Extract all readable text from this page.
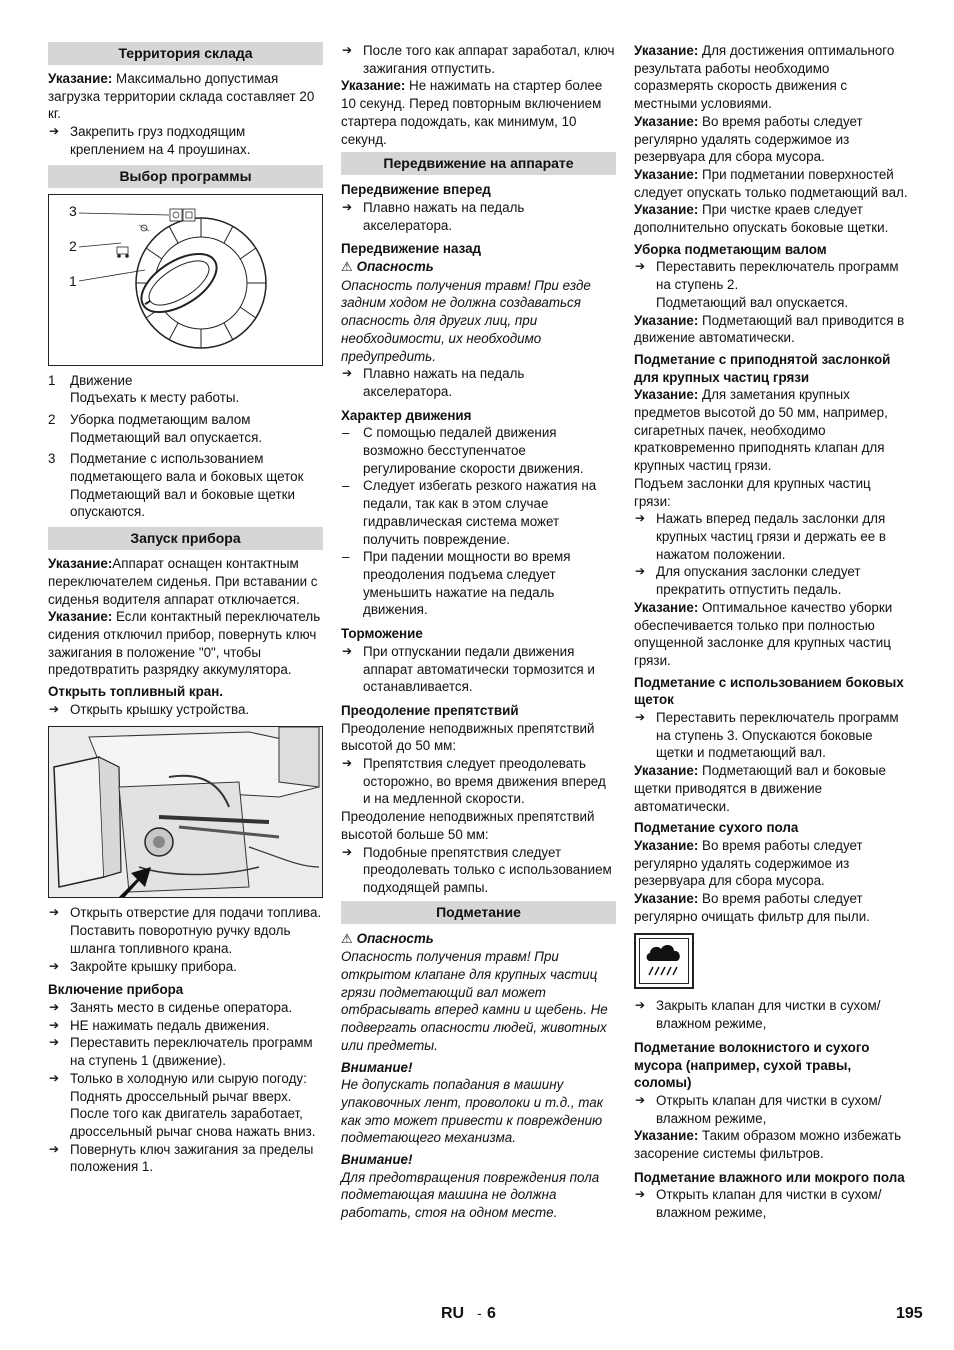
Территория склада
Указание: Максимально допустимая загрузка территории склада составляет 20 кг.
➔ Закрепить груз подходящим креплением на 4 проушинах.
Выбор программы
3
2
1
1 Движение
Подъехать к месту работы.
2 Уборка подметающим валом
Подметающий вал опускается.
3 Подметание с использованием подметающего вала и боковых щеток
Подметающий вал и боковые щетки опускаются.
Запуск прибора
Указание:Аппарат оснащен контактным переключателем сиденья. При вставании с сиденья водителя аппарат отключается.
Указание: Если контактный переключатель сидения отключил прибор, повернуть ключ зажигания в положение "0", чтобы предотвратить разрядку аккумулятора.
Открыть топливный кран.
➔ Открыть крышку устройства.
➔ Открыть отверстие для подачи топлива.
Поставить поворотную ручку вдоль шланга топливного крана.
➔ Закройте крышку прибора.
Включение прибора
➔ Занять место в сиденье оператора.
➔ НЕ нажимать педаль движения.
➔ Переставить переключатель программ на ступень 1 (движение).
➔ Только в холодную или сырую погоду: Поднять дроссельный рычаг вверх. После того как двигатель заработает, дроссельный рычаг снова нажать вниз.
➔ Повернуть ключ зажигания за пределы положения 1.
➔ После того как аппарат заработал, ключ зажигания отпустить.
Указание: Не нажимать на стартер более 10 секунд. Перед повторным включением стартера подождать, как минимум, 10 секунд.
Передвижение на аппарате
Передвижение вперед
➔ Плавно нажать на педаль акселератора.
Передвижение назад
⚠ Опасность
Опасность получения травм! При езде задним ходом не должна создаваться опасность для других лиц, при необходимости, их необходимо предупредить.
➔ Плавно нажать на педаль акселератора.
Характер движения
– С помощью педалей движения возможно бесступенчатое регулирование скорости движения.
– Следует избегать резкого нажатия на педали, так как в этом случае гидравлическая система может получить повреждение.
– При падении мощности во время преодоления подъема следует уменьшить нажатие на педаль движения.
Торможение
➔ При отпускании педали движения аппарат автоматически тормозится и останавливается.
Преодоление препятствий
Преодоление неподвижных препятствий высотой до 50 мм:
➔ Препятствия следует преодолевать осторожно, во время движения вперед и на медленной скорости.
Преодоление неподвижных препятствий высотой больше 50 мм:
➔ Подобные препятствия следует преодолевать только с использованием подходящей рампы.
Подметание
⚠ Опасность
Опасность получения травм! При открытом клапане для крупных частиц грязи подметающий вал может отбрасывать вперед камни и щебень. Не подвергать опасности людей, животных или предметы.
Внимание!
Не допускать попадания в машину упаковочных лент, проволоки и т.д., так как это может привести к повреждению подметающего механизма.
Внимание!
Для предотвращения повреждения пола подметающая машина не должна работать, стоя на одном месте.
Указание: Для достижения оптимального результата работы необходимо соразмерять скорость движения с местными условиями.
Указание: Во время работы следует регулярно удалять содержимое из резервуара для сбора мусора.
Указание: При подметании поверхностей следует опускать только подметающий вал.
Указание: При чистке краев следует дополнительно опускать боковые щетки.
Уборка подметающим валом
➔ Переставить переключатель программ на ступень 2.
Подметающий вал опускается.
Указание: Подметающий вал приводится в движение автоматически.
Подметание с приподнятой заслонкой для крупных частиц грязи
Указание: Для заметания крупных предметов высотой до 50 мм, например, сигаретных пачек, необходимо кратковременно приподнять клапан для крупных частиц грязи.
Подъем заслонки для крупных частиц грязи:
➔ Нажать вперед педаль заслонки для крупных частиц грязи и держать ее в нажатом положении.
➔ Для опускания заслонки следует прекратить отпустить педаль.
Указание: Оптимальное качество уборки обеспечивается только при полностью опущенной заслонке для крупных частиц грязи.
Подметание с использованием боковых щеток
➔ Переставить переключатель программ на ступень 3. Опускаются боковые щетки и подметающий вал.
Указание: Подметающий вал и боковые щетки приводятся в движение автоматически.
Подметание сухого пола
Указание: Во время работы следует регулярно удалять содержимое из резервуара для сбора мусора.
Указание: Во время работы следует регулярно очищать фильтр для пыли.
➔ Закрыть клапан для чистки в сухом/влажном режиме,
Подметание волокнистого и сухого мусора (например, сухой травы, соломы)
➔ Открыть клапан для чистки в сухом/влажном режиме,
Указание: Таким образом можно избежать засорение системы фильтров.
Подметание влажного или мокрого пола
➔ Открыть клапан для чистки в сухом/влажном режиме,
RU - 6	195
